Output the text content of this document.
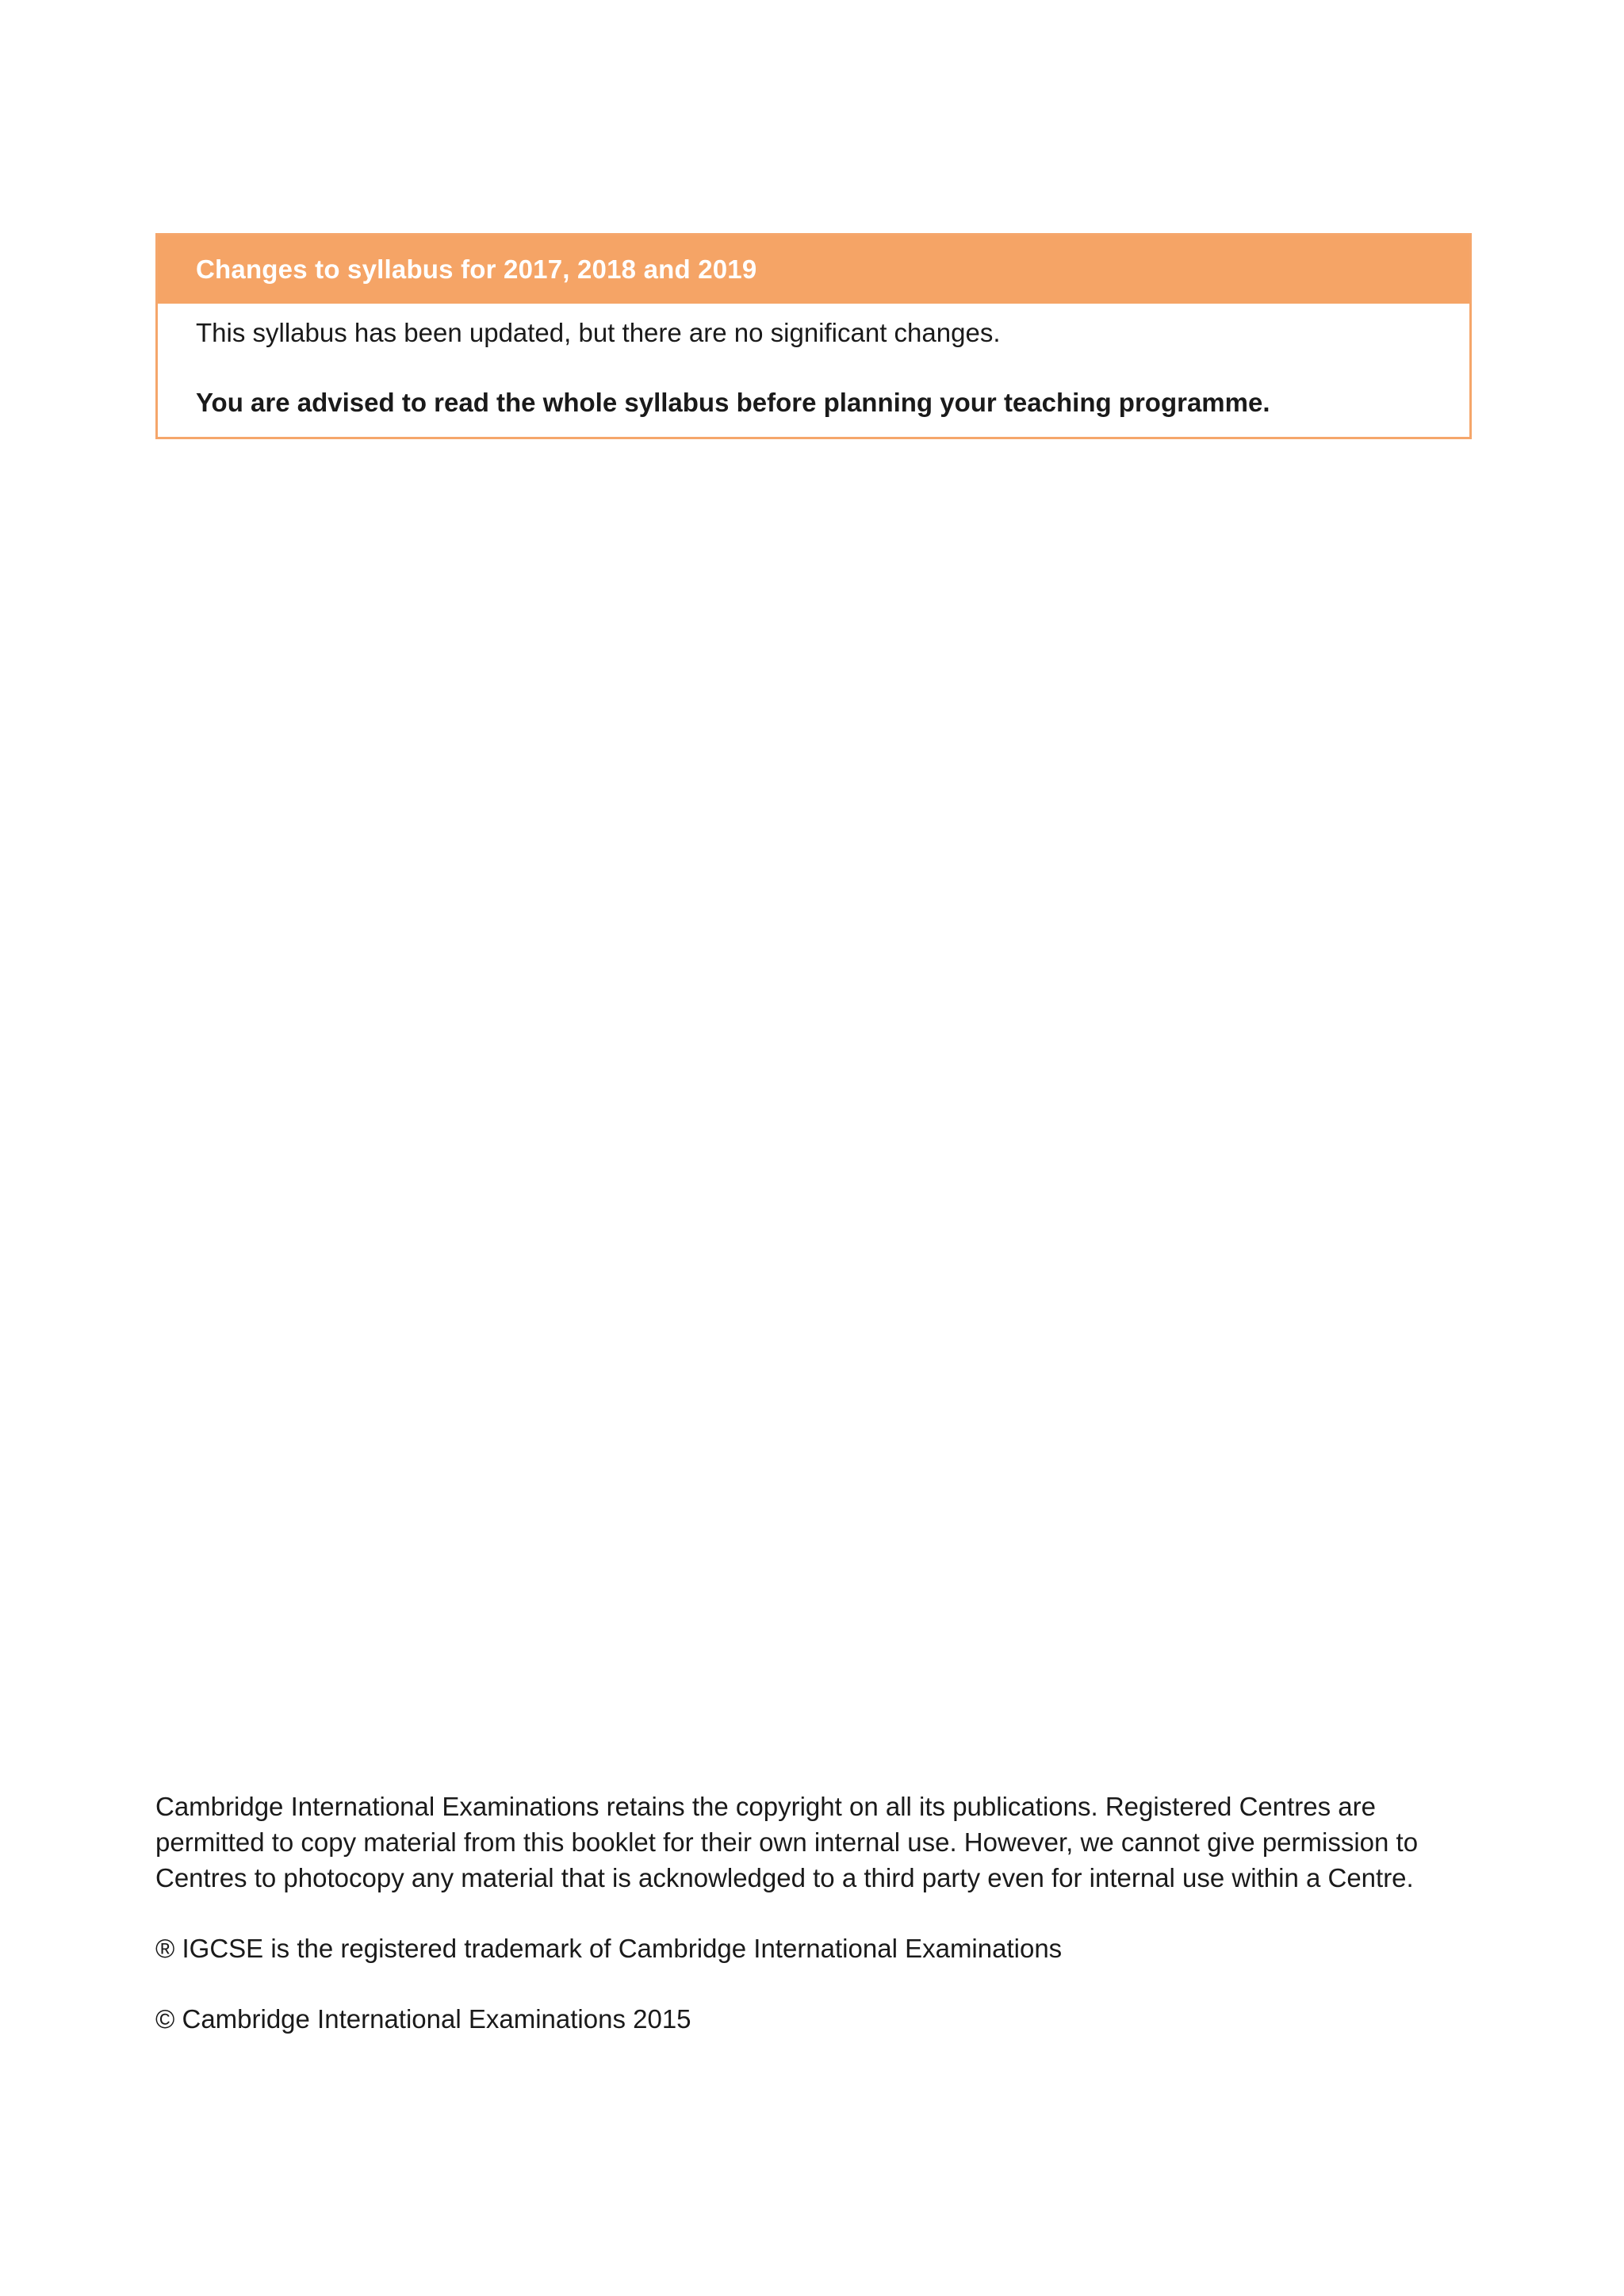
Changes to syllabus for 2017, 2018 and 2019

This syllabus has been updated, but there are no significant changes.

You are advised to read the whole syllabus before planning your teaching programme.

Cambridge International Examinations retains the copyright on all its publications. Registered Centres are permitted to copy material from this booklet for their own internal use. However, we cannot give permission to Centres to photocopy any material that is acknowledged to a third party even for internal use within a Centre.

® IGCSE is the registered trademark of Cambridge International Examinations

© Cambridge International Examinations 2015
